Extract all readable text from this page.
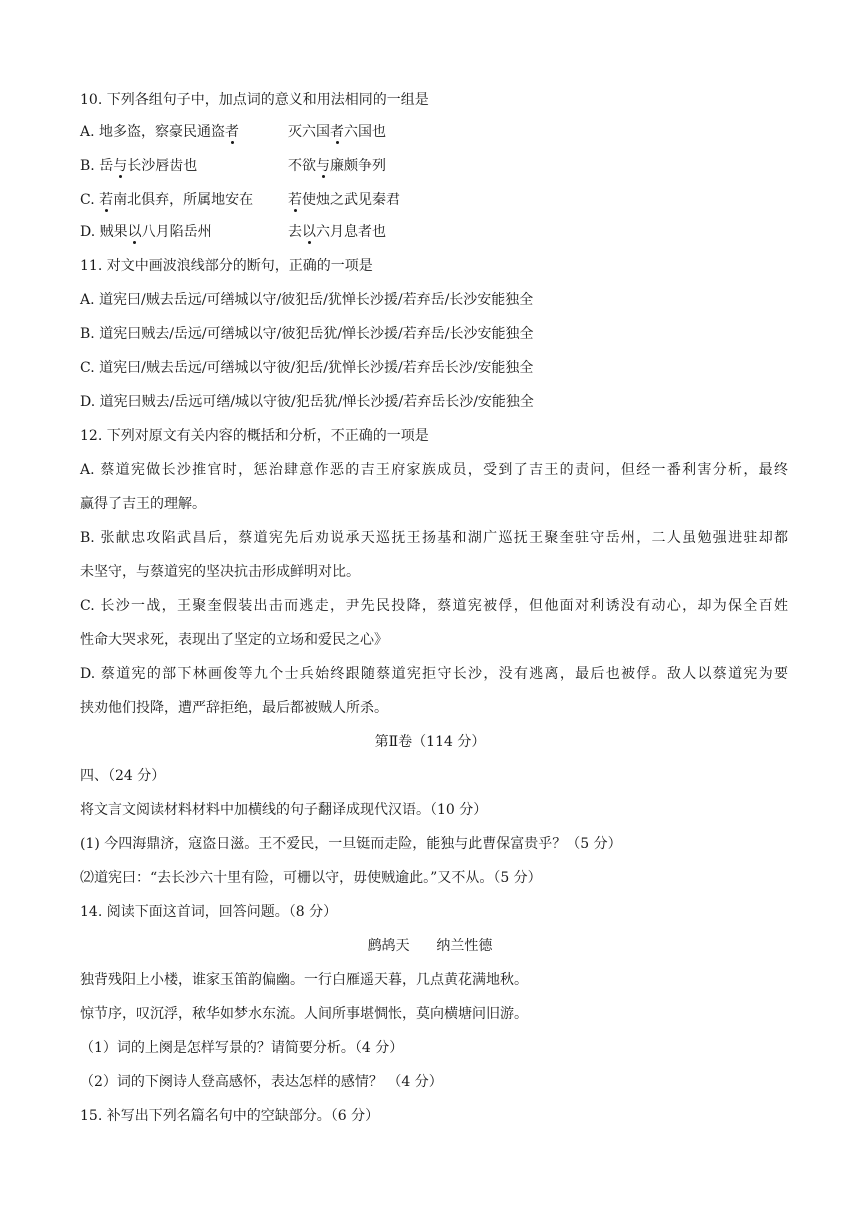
10. 下列各组句子中，加点词的意义和用法相同的一组是
A. 地多盗，察豪民通盗者	灭六国者六国也
B. 岳与长沙唇齿也	不欲与廉颇争列
C. 若南北俱弃，所属地安在 若使烛之武见秦君
D. 贼果以八月陷岳州	去以六月息者也
11. 对文中画波浪线部分的断句，正确的一项是
A. 道宪曰/贼去岳远/可缮城以守/彼犯岳/犹惮长沙援/若弃岳/长沙安能独全
B. 道宪曰贼去/岳远/可缮城以守/彼犯岳犹/惮长沙援/若弃岳/长沙安能独全
C. 道宪曰/贼去岳远/可缮城以守彼/犯岳/犹惮长沙援/若弃岳长沙/安能独全
D. 道宪曰贼去/岳远可缮/城以守彼/犯岳犹/惮长沙援/若弃岳长沙/安能独全
12. 下列对原文有关内容的概括和分析，不正确的一项是
A. 蔡道宪做长沙推官时，惩治肆意作恶的吉王府家族成员，受到了吉王的责问，但经一番利害分析，最终
赢得了吉王的理解。
B. 张献忠攻陷武昌后，蔡道宪先后劝说承天巡抚王扬基和湖广巡抚王聚奎驻守岳州，二人虽勉强进驻却都
未坚守，与蔡道宪的坚决抗击形成鲜明对比。
C. 长沙一战，王聚奎假装出击而逃走，尹先民投降，蔡道宪被俘，但他面对利诱没有动心，却为保全百姓
性命大哭求死，表现出了坚定的立场和爱民之心》
D. 蔡道宪的部下林画俊等九个士兵始终跟随蔡道宪拒守长沙，没有逃离，最后也被俘。敌人以蔡道宪为要
挟劝他们投降，遭严辞拒绝，最后都被贼人所杀。
第Ⅱ卷（114 分）
四、（24 分）
将文言文阅读材料材料中加横线的句子翻译成现代汉语。（10 分）
(1) 今四海鼎济，寇盗日滋。王不爱民，一旦铤而走险，能独与此曹保富贵乎？（5 分）
⑵道宪曰：“去长沙六十里有险，可栅以守，毋使贼逾此。”又不从。（5 分）
14. 阅读下面这首词，回答问题。（8 分）
鹧鸪天      纳兰性德
独背残阳上小楼，谁家玉笛韵偏幽。一行白雁遥天暮，几点黄花满地秋。
惊节序，叹沉浮，秾华如梦水东流。人间所事堪惆怅，莫向横塘问旧游。
（1）词的上阕是怎样写景的？请简要分析。（4 分）
（2）词的下阕诗人登高感怀，表达怎样的感情？ （4 分）
15. 补写出下列名篇名句中的空缺部分。（6 分）
